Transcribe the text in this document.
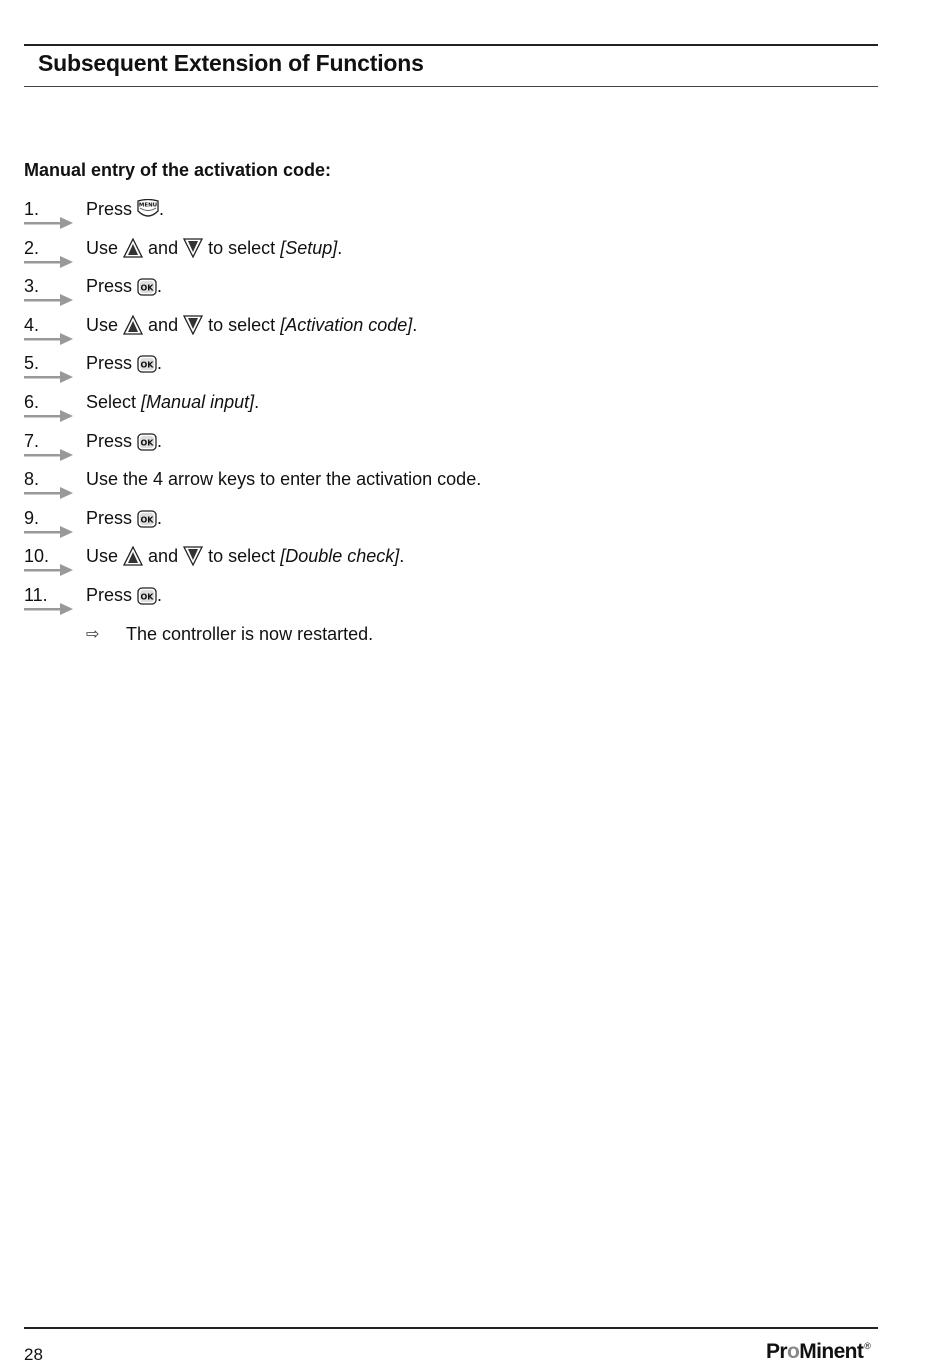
Subsequent Extension of Functions
Manual entry of the activation code:
1.	Press MENU .
2.	Use and to select [Setup].
3.	Press OK .
4.	Use and to select [Activation code].
5.	Press OK .
6.	Select [Manual input].
7.	Press OK .
8.	Use the 4 arrow keys to enter the activation code.
9.	Press OK .
10. Use and to select [Double check].
11. Press OK .
⇨ The controller is now restarted.
28	ProMinent®
